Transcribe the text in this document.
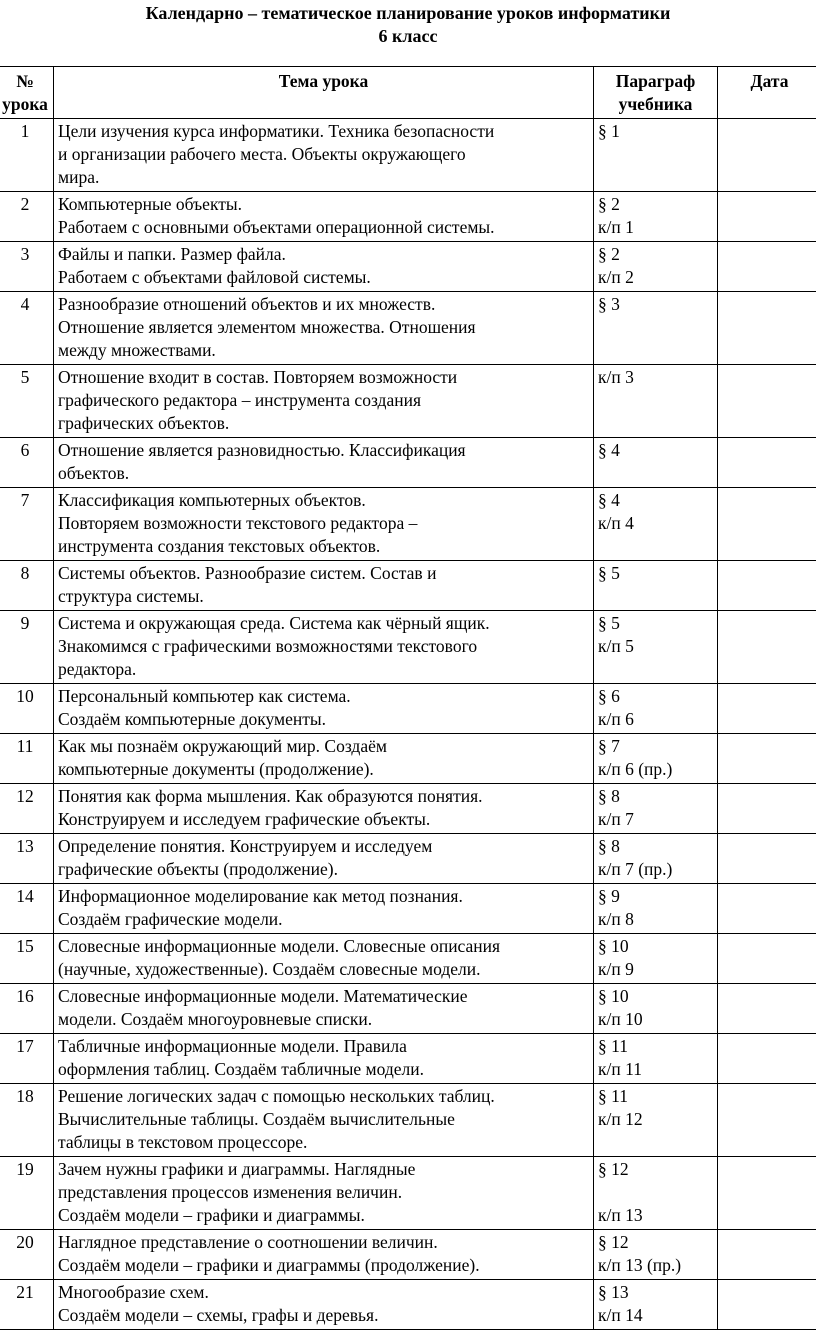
Календарно – тематическое планирование уроков информатики
6 класс
№
урока	Тема урока	Параграф
учебника	Дата
1	Цели изучения курса информатики. Техника безопасности
и организации рабочего места. Объекты окружающего
мира.	§ 1	

2	Компьютерные объекты.
Работаем с основными объектами операционной системы.	§ 2
к/п 1	

3	Файлы и папки. Размер файла.
Работаем с объектами файловой системы.	§ 2
к/п 2	

4	Разнообразие отношений объектов и их множеств.
Отношение является элементом множества. Отношения
между множествами.	§ 3	

5	Отношение входит в состав. Повторяем возможности
графического редактора – инструмента создания
графических объектов.	к/п 3	

6	Отношение является разновидностью. Классификация
объектов.	§ 4	

7	Классификация компьютерных объектов.
Повторяем возможности текстового редактора –
инструмента создания текстовых объектов.	§ 4
к/п 4	

8	Системы объектов. Разнообразие систем. Состав и
структура системы.	§ 5	

9	Система и окружающая среда. Система как чёрный ящик.
Знакомимся с графическими возможностями текстового
редактора.	§ 5
к/п 5	

10	Персональный компьютер как система.
Создаём компьютерные документы.	§ 6
к/п 6	

11	Как мы познаём окружающий мир. Создаём
компьютерные документы (продолжение).	§ 7
к/п 6 (пр.)	

12	Понятия как форма мышления. Как образуются понятия.
Конструируем и исследуем графические объекты.	§ 8
к/п 7	

13	Определение понятия. Конструируем и исследуем
графические объекты (продолжение).	§ 8
к/п 7 (пр.)	

14	Информационное моделирование как метод познания.
Создаём графические модели.	§ 9
к/п 8	

15	Словесные информационные модели. Словесные описания
(научные, художественные). Создаём словесные модели.	§ 10
к/п 9	

16	Словесные информационные модели. Математические
модели. Создаём многоуровневые списки.	§ 10
к/п 10	

17	Табличные информационные модели. Правила
оформления таблиц. Создаём табличные модели.	§ 11
к/п 11	

18	Решение логических задач с помощью нескольких таблиц.
Вычислительные таблицы. Создаём вычислительные
таблицы в текстовом процессоре.	§ 11
к/п 12	

19	Зачем нужны графики и диаграммы. Наглядные
представления процессов изменения величин.
Создаём модели – графики и диаграммы.	§ 12

к/п 13	

20	Наглядное представление о соотношении величин.
Создаём модели – графики и диаграммы (продолжение).	§ 12
к/п 13 (пр.)	

21	Многообразие схем.
Создаём модели – схемы, графы и деревья.	§ 13
к/п 14	
